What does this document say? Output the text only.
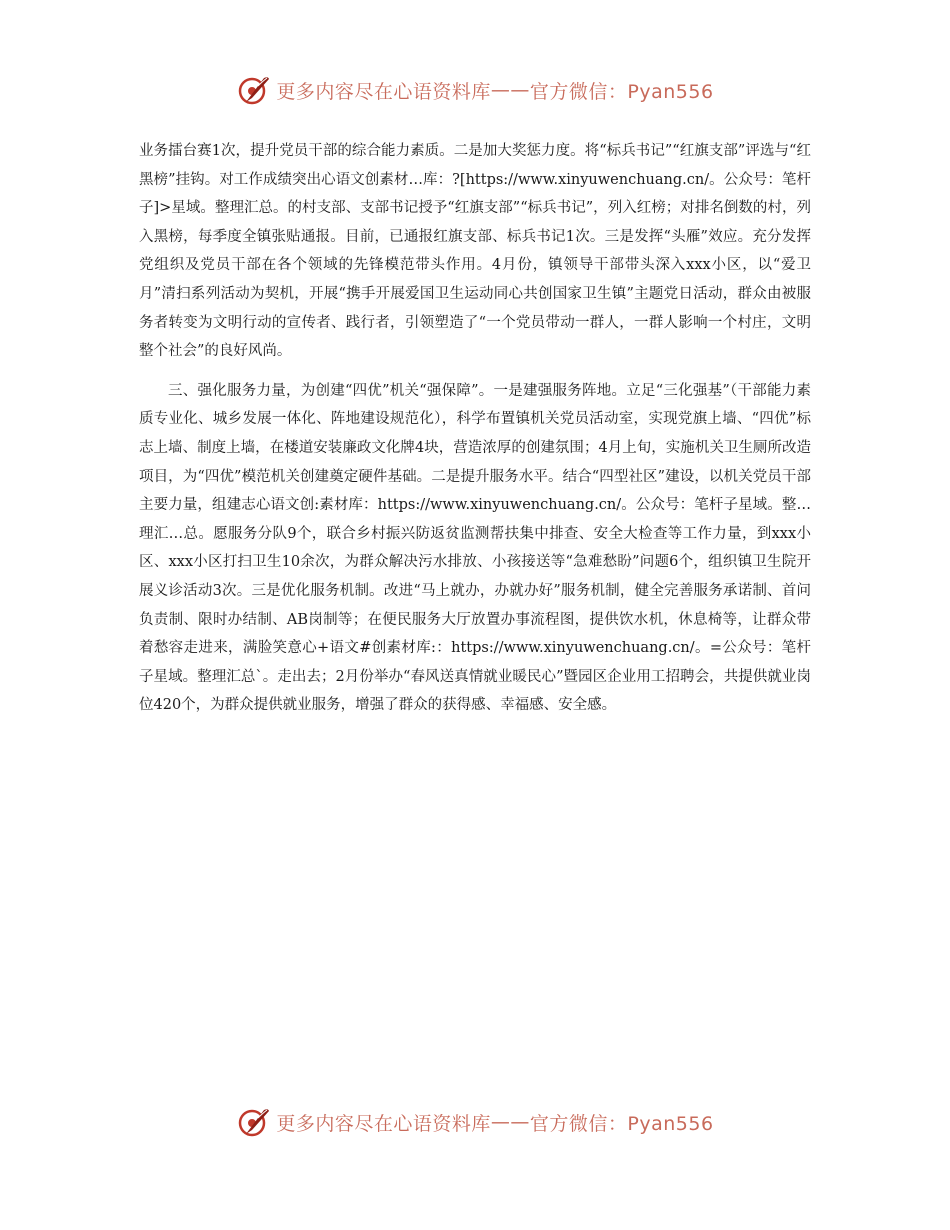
更多内容尽在心语资料库 —— 官方微信：Pyan556

业务擂台赛1次，提升党员干部的综合能力素质。二是加大奖惩力度。将“标兵书记”“红旗支部”评选与“红黑榜”挂钩。对工作成绩突出心语文创素材…库：?[https://www.xinyuwenchuang.cn/。公众号：笔杆子]>星域。整理汇总。的村支部、支部书记授予“红旗支部”“标兵书记”，列入红榜；对排名倒数的村，列入黑榜，每季度全镇张贴通报。目前，已通报红旗支部、标兵书记1次。三是发挥“头雁”效应。充分发挥党组织及党员干部在各个领域的先锋模范带头作用。4月份，镇领导干部带头深入xxx小区，以“爱卫月”清扫系列活动为契机，开展“携手开展爱国卫生运动同心共创国家卫生镇”主题党日活动，群众由被服务者转变为文明行动的宣传者、践行者，引领塑造了“一个党员带动一群人，一群人影响一个村庄，文明整个社会”的良好风尚。

三、强化服务力量，为创建“四优”机关“强保障”。一是建强服务阵地。立足“三化强基”（干部能力素质专业化、城乡发展一体化、阵地建设规范化），科学布置镇机关党员活动室，实现党旗上墙、“四优”标志上墙、制度上墙，在楼道安装廉政文化牌4块，营造浓厚的创建氛围；4月上旬，实施机关卫生厕所改造项目，为“四优”模范机关创建奠定硬件基础。二是提升服务水平。结合“四型社区”建设，以机关党员干部主要力量，组建志心语文创:素材库：https://www.xinyuwenchuang.cn/。公众号：笔杆子星域。整…理汇…总。愿服务分队9个，联合乡村振兴防返贫监测帮扶集中排查、安全大检查等工作力量，到xxx小区、xxx小区打扫卫生10余次，为群众解决污水排放、小孩接送等“急难愁盼”问题6个，组织镇卫生院开展义诊活动3次。三是优化服务机制。改进“马上就办，办就办好”服务机制，健全完善服务承诺制、首问负责制、限时办结制、AB岗制等；在便民服务大厅放置办事流程图，提供饮水机，休息椅等，让群众带着愁容走进来，满脸笑意心+语文#创素材库:：https://www.xinyuwenchuang.cn/。=公众号：笔杆子星域。整理汇总`。走出去；2月份举办“春风送真情就业暖民心”暨园区企业用工招聘会，共提供就业岗位420个，为群众提供就业服务，增强了群众的获得感、幸福感、安全感。

更多内容尽在心语资料库 —— 官方微信：Pyan556
